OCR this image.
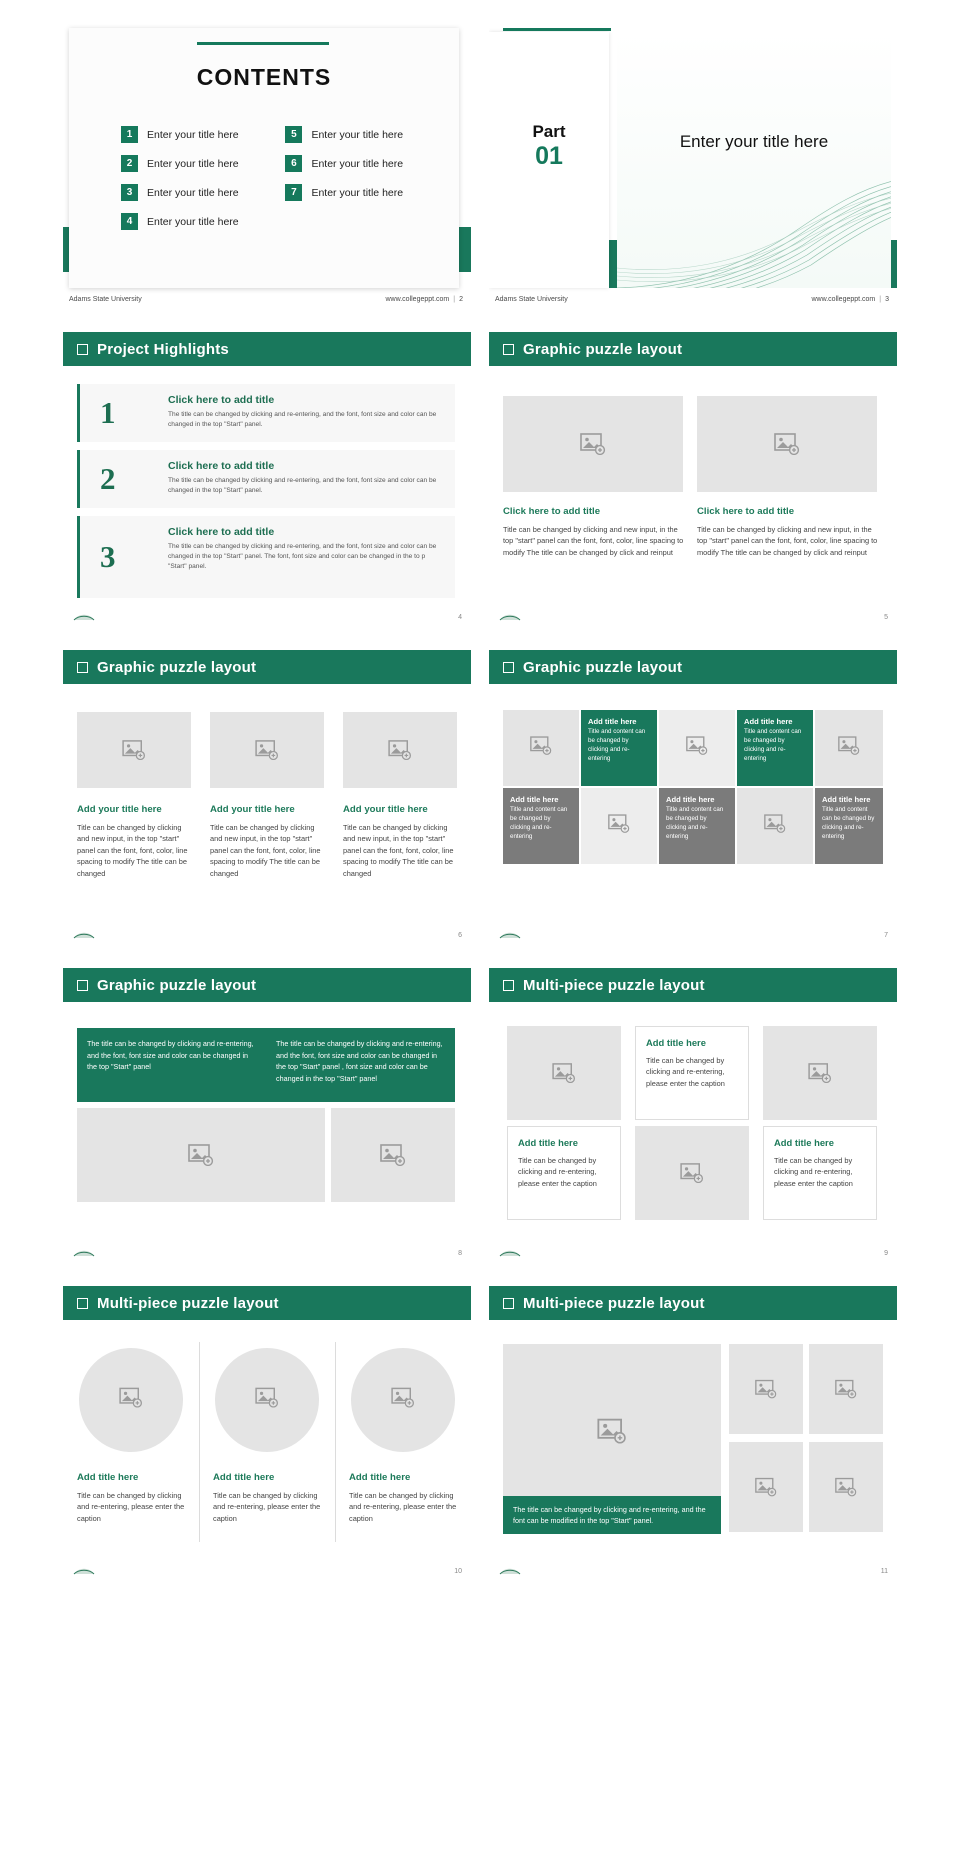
CONTENTS
1	Enter your title here
2	Enter your title here
3	Enter your title here
4	Enter your title here

5	Enter your title here
6	Enter your title here
7	Enter your title here
Adams State University	www.collegeppt.com | 2
Enter your title here
Part
01
Adams State University	www.collegeppt.com | 3
Project Highlights
1	Click here to add title
The title can be changed by clicking and re-entering, and the font, font size and color can be changed in the top "Start" panel.
2	Click here to add title
The title can be changed by clicking and re-entering, and the font, font size and color can be changed in the top "Start" panel.
3
Click here to add title
The title can be changed by clicking and re-entering, and the font, font size and color can be changed in the top "Start" panel. The font, font size and color can be changed in the to p "Start" panel.
4
Graphic puzzle layout
Click here to add title
Title can be changed by clicking and new input, in the top "start" panel can the font, font, color, line spacing to modify The title can be changed by click and reinput
Click here to add title
Title can be changed by clicking and new input, in the top "start" panel can the font, font, color, line spacing to modify The title can be changed by click and reinput
5
Graphic puzzle layout
Add your title here
Title can be changed by clicking and new input, in the top "start" panel can the font, font, color, line spacing to modify The title can be changed
Add your title here
Title can be changed by clicking and new input, in the top "start" panel can the font, font, color, line spacing to modify The title can be changed
Add your title here
Title can be changed by clicking and new input, in the top "start" panel can the font, font, color, line spacing to modify The title can be changed
6
Graphic puzzle layout
Add title here
Title and content can be changed by clicking and re-entering
Add title here
Title and content can be changed by clicking and re-entering
Add title here
Title and content can be changed by clicking and re-entering
Add title here
Title and content can be changed by clicking and re-entering
Add title here
Title and content can be changed by clicking and re-entering
7
Graphic puzzle layout
The title can be changed by clicking and re-entering, and the font, font size and color can be changed in the top "Start" panel
The title can be changed by clicking and re-entering, and the font, font size and color can be changed in the top "Start" panel , font size and color can be changed in the top "Start" panel
8
Multi-piece puzzle layout
Add title here
Title can be changed by clicking and re-entering, please enter the caption
Add title here
Title can be changed by clicking and re-entering, please enter the caption
Add title here
Title can be changed by clicking and re-entering, please enter the caption
9
Multi-piece puzzle layout
Add title here
Title can be changed by clicking and re-entering, please enter the caption
Add title here
Title can be changed by clicking and re-entering, please enter the caption
Add title here
Title can be changed by clicking and re-entering, please enter the caption
10
Multi-piece puzzle layout
The title can be changed by clicking and re-entering, and the font can be modified in the top "Start" panel.
11
